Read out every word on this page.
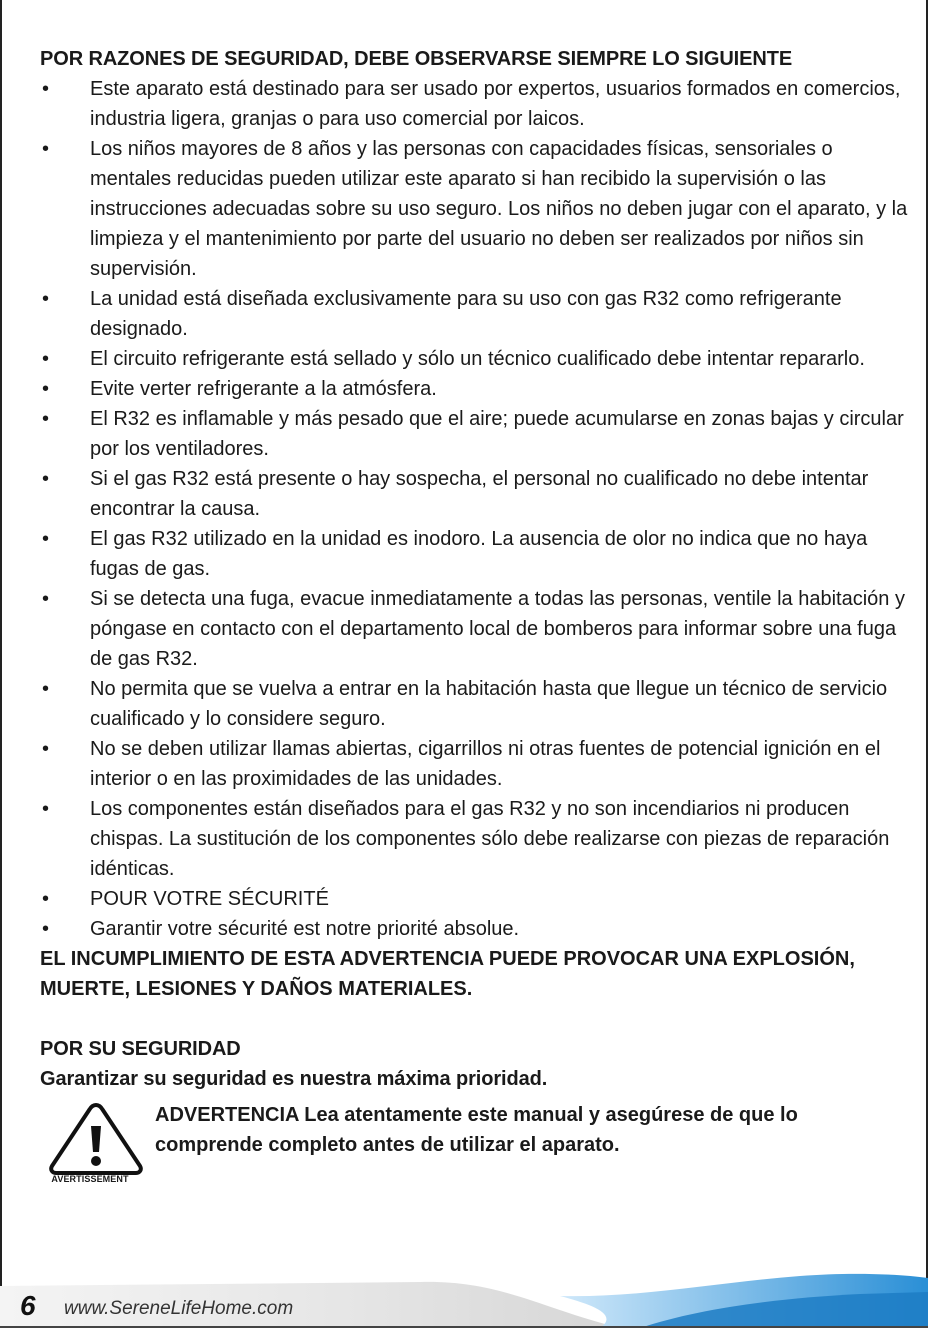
POR RAZONES DE SEGURIDAD, DEBE OBSERVARSE SIEMPRE LO SIGUIENTE
• Este aparato está destinado para ser usado por expertos, usuarios formados en comercios, industria ligera, granjas o para uso comercial por laicos.
• Los niños mayores de 8 años y las personas con capacidades físicas, sensoriales o mentales reducidas pueden utilizar este aparato si han recibido la supervisión o las instrucciones adecuadas sobre su uso seguro. Los niños no deben jugar con el aparato, y la limpieza y el mantenimiento por parte del usuario no deben ser realizados por niños sin supervisión.
• La unidad está diseñada exclusivamente para su uso con gas R32 como refrigerante designado.
• El circuito refrigerante está sellado y sólo un técnico cualificado debe intentar repararlo.
• Evite verter refrigerante a la atmósfera.
• El R32 es inflamable y más pesado que el aire; puede acumularse en zonas bajas y circular por los ventiladores.
• Si el gas R32 está presente o hay sospecha, el personal no cualificado no debe intentar encontrar la causa.
• El gas R32 utilizado en la unidad es inodoro. La ausencia de olor no indica que no haya fugas de gas.
• Si se detecta una fuga, evacue inmediatamente a todas las personas, ventile la habitación y póngase en contacto con el departamento local de bomberos para informar sobre una fuga de gas R32.
• No permita que se vuelva a entrar en la habitación hasta que llegue un técnico de servicio cualificado y lo considere seguro.
• No se deben utilizar llamas abiertas, cigarrillos ni otras fuentes de potencial ignición en el interior o en las proximidades de las unidades.
• Los componentes están diseñados para el gas R32 y no son incendiarios ni producen chispas. La sustitución de los componentes sólo debe realizarse con piezas de reparación idénticas.
• POUR VOTRE SÉCURITÉ
• Garantir votre sécurité est notre priorité absolue.
EL INCUMPLIMIENTO DE ESTA ADVERTENCIA PUEDE PROVOCAR UNA EXPLOSIÓN, MUERTE, LESIONES Y DAÑOS MATERIALES.
POR SU SEGURIDAD
Garantizar su seguridad es nuestra máxima prioridad.
AVERTISSEMENT
ADVERTENCIA Lea atentamente este manual y asegúrese de que lo comprende completo antes de utilizar el aparato.
6 www.SereneLifeHome.com
